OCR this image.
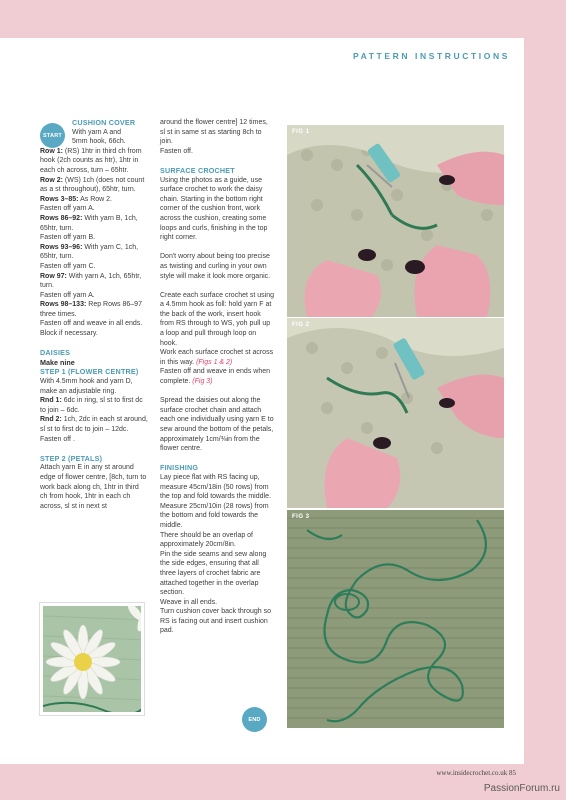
PATTERN INSTRUCTIONS
START
CUSHION COVER
With yarn A and
5mm hook, 66ch.
Row 1: (RS) 1htr in third ch from hook (2ch counts as htr), 1htr in each ch across, turn – 65htr.
Row 2: (WS) 1ch (does not count as a st throughout), 65htr, turn.
Rows 3–85: As Row 2.
Fasten off yarn A.
Rows 86–92: With yarn B, 1ch, 65htr, turn.
Fasten off yarn B.
Rows 93–96: With yarn C, 1ch, 65htr, turn.
Fasten off yarn C.
Row 97: With yarn A, 1ch, 65htr, turn.
Fasten off yarn A.
Rows 98–133: Rep Rows 86–97 three times.
Fasten off and weave in all ends.
Block if necessary.
DAISIES
Make nine
STEP 1 (FLOWER CENTRE)
With 4.5mm hook and yarn D, make an adjustable ring.
Rnd 1: 6dc in ring, sl st to first dc to join – 6dc.
Rnd 2: 1ch, 2dc in each st around, sl st to first dc to join – 12dc.
Fasten off .
STEP 2 (PETALS)
Attach yarn E in any st around edge of flower centre, [8ch, turn to work back along ch, 1htr in third ch from hook, 1htr in each ch across, sl st in next st
around the flower centre] 12 times, sl st in same st as starting 8ch to join.
Fasten off.
SURFACE CROCHET
Using the photos as a guide, use surface crochet to work the daisy chain. Starting in the bottom right corner of the cushion front, work across the cushion, creating some loops and curls, finishing in the top right corner.
Don't worry about being too precise as twisting and curling in your own style will make it look more organic.
Create each surface crochet st using a 4.5mm hook as foll: hold yarn F at the back of the work, insert hook from RS through to WS, yoh pull up a loop and pull through loop on hook.
Work each surface crochet st across in this way. (Figs 1 & 2)
Fasten off and weave in ends when complete. (Fig 3)
Spread the daisies out along the surface crochet chain and attach each one individually using yarn E to sew around the bottom of the petals, approximately 1cm/⅜in from the flower centre.
FINISHING
Lay piece flat with RS facing up, measure 45cm/18in (50 rows) from the top and fold towards the middle.
Measure 25cm/10in (28 rows) from the bottom and fold towards the middle.
There should be an overlap of approximately 20cm/8in.
Pin the side seams and sew along the side edges, ensuring that all three layers of crochet fabric are attached together in the overlap section.
Weave in all ends.
Turn cushion cover back through so RS is facing out and insert cushion pad.
END
FIG 1
FIG 2
FIG 3
www.insidecrochet.co.uk 85
PassionForum.ru
